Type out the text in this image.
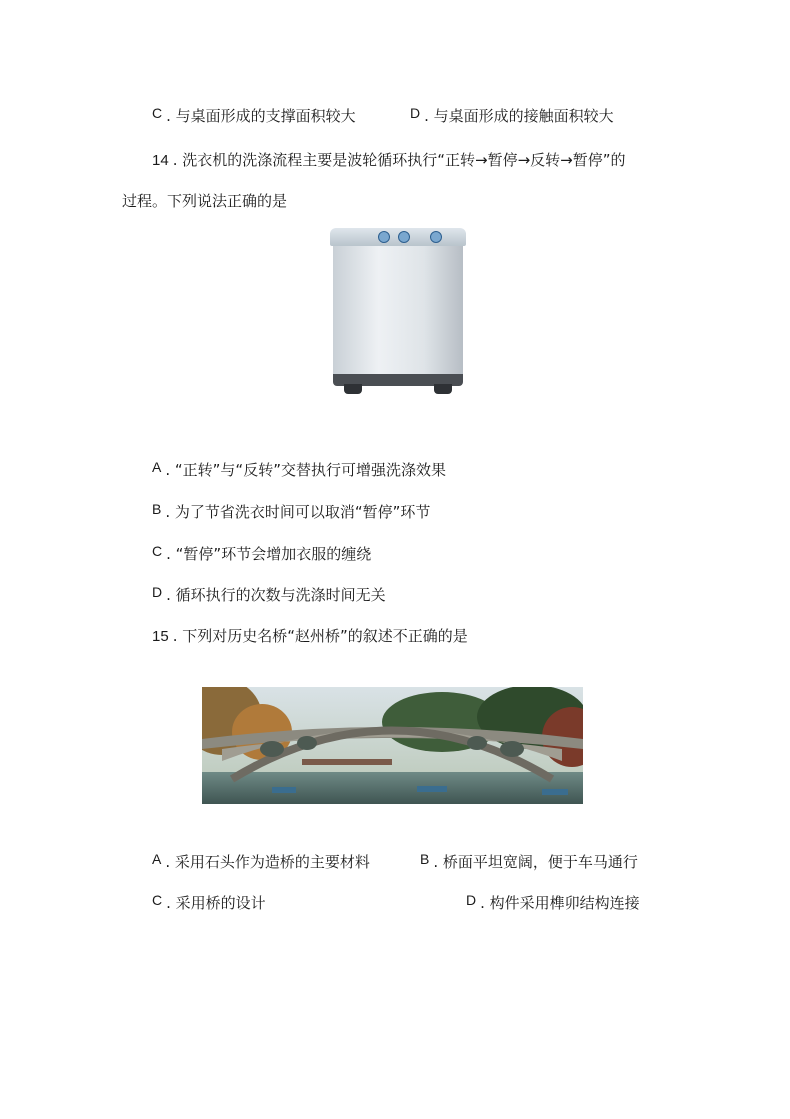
C . 与桌面形成的支撑面积较大	D . 与桌面形成的接触面积较大
14 . 洗衣机的洗涤流程主要是波轮循环执行“正转→暂停→反转→暂停”的
过程。下列说法正确的是
A . “正转”与“反转”交替执行可增强洗涤效果
B . 为了节省洗衣时间可以取消“暂停”环节
C . “暂停”环节会增加衣服的缠绕
D . 循环执行的次数与洗涤时间无关
15 . 下列对历史名桥“赵州桥”的叙述不正确的是
A . 采用石头作为造桥的主要材料	B . 桥面平坦宽阔，便于车马通行
C . 采用桥的设计	D . 构件采用榫卯结构连接
